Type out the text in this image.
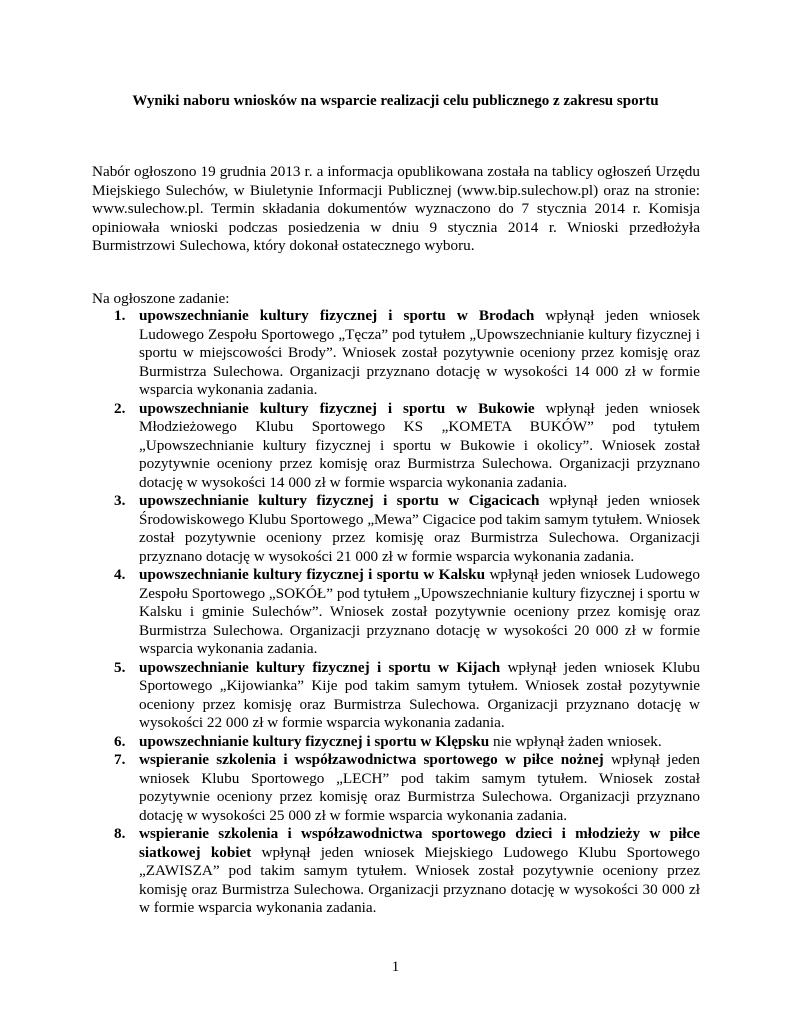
Wyniki naboru wniosków na wsparcie realizacji celu publicznego z zakresu sportu

Nabór ogłoszono 19 grudnia 2013 r. a informacja opublikowana została na tablicy ogłoszeń Urzędu Miejskiego Sulechów, w Biuletynie Informacji Publicznej (www.bip.sulechow.pl) oraz na stronie: www.sulechow.pl. Termin składania dokumentów wyznaczono do 7 stycznia 2014 r. Komisja opiniowała wnioski podczas posiedzenia w dniu 9 stycznia 2014 r. Wnioski przedłożyła Burmistrzowi Sulechowa, który dokonał ostatecznego wyboru.

Na ogłoszone zadanie:

1. upowszechnianie kultury fizycznej i sportu w Brodach wpłynął jeden wniosek Ludowego Zespołu Sportowego „Tęcza” pod tytułem „Upowszechnianie kultury fizycznej i sportu w miejscowości Brody”. Wniosek został pozytywnie oceniony przez komisję oraz Burmistrza Sulechowa. Organizacji przyznano dotację w wysokości 14 000 zł w formie wsparcia wykonania zadania.
2. upowszechnianie kultury fizycznej i sportu w Bukowie wpłynął jeden wniosek Młodzieżowego Klubu Sportowego KS „KOMETA BUKÓW” pod tytułem „Upowszechnianie kultury fizycznej i sportu w Bukowie i okolicy”. Wniosek został pozytywnie oceniony przez komisję oraz Burmistrza Sulechowa. Organizacji przyznano dotację w wysokości 14 000 zł w formie wsparcia wykonania zadania.
3. upowszechnianie kultury fizycznej i sportu w Cigacicach wpłynął jeden wniosek Środowiskowego Klubu Sportowego „Mewa” Cigacice pod takim samym tytułem. Wniosek został pozytywnie oceniony przez komisję oraz Burmistrza Sulechowa. Organizacji przyznano dotację w wysokości 21 000 zł w formie wsparcia wykonania zadania.
4. upowszechnianie kultury fizycznej i sportu w Kalsku wpłynął jeden wniosek Ludowego Zespołu Sportowego „SOKÓŁ” pod tytułem „Upowszechnianie kultury fizycznej i sportu w Kalsku i gminie Sulechów”. Wniosek został pozytywnie oceniony przez komisję oraz Burmistrza Sulechowa. Organizacji przyznano dotację w wysokości 20 000 zł w formie wsparcia wykonania zadania.
5. upowszechnianie kultury fizycznej i sportu w Kijach wpłynął jeden wniosek Klubu Sportowego „Kijowianka” Kije pod takim samym tytułem. Wniosek został pozytywnie oceniony przez komisję oraz Burmistrza Sulechowa. Organizacji przyznano dotację w wysokości 22 000 zł w formie wsparcia wykonania zadania.
6. upowszechnianie kultury fizycznej i sportu w Klępsku nie wpłynął żaden wniosek.
7. wspieranie szkolenia i współzawodnictwa sportowego w piłce nożnej wpłynął jeden wniosek Klubu Sportowego „LECH” pod takim samym tytułem. Wniosek został pozytywnie oceniony przez komisję oraz Burmistrza Sulechowa. Organizacji przyznano dotację w wysokości 25 000 zł w formie wsparcia wykonania zadania.
8. wspieranie szkolenia i współzawodnictwa sportowego dzieci i młodzieży w piłce siatkowej kobiet wpłynął jeden wniosek Miejskiego Ludowego Klubu Sportowego „ZAWISZA” pod takim samym tytułem. Wniosek został pozytywnie oceniony przez komisję oraz Burmistrza Sulechowa. Organizacji przyznano dotację w wysokości 30 000 zł w formie wsparcia wykonania zadania.
1
